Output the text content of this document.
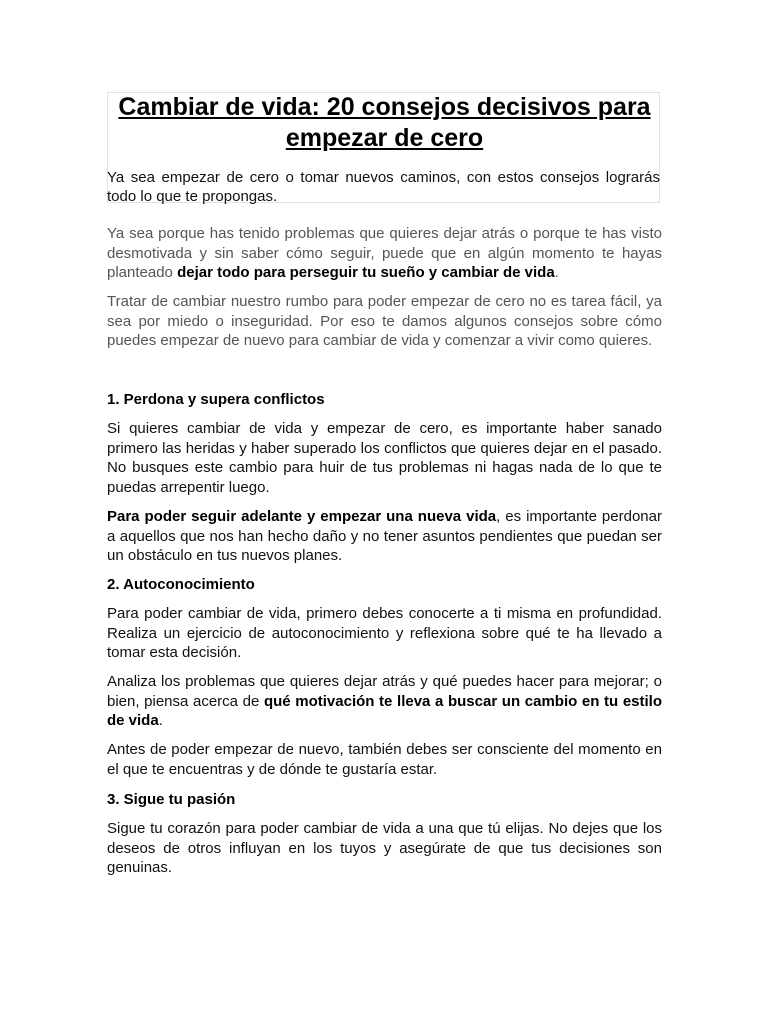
Cambiar de vida: 20 consejos decisivos para empezar de cero

Ya sea empezar de cero o tomar nuevos caminos, con estos consejos lograrás todo lo que te propongas.

Ya sea porque has tenido problemas que quieres dejar atrás o porque te has visto desmotivada y sin saber cómo seguir, puede que en algún momento te hayas planteado dejar todo para perseguir tu sueño y cambiar de vida.

Tratar de cambiar nuestro rumbo para poder empezar de cero no es tarea fácil, ya sea por miedo o inseguridad. Por eso te damos algunos consejos sobre cómo puedes empezar de nuevo para cambiar de vida y comenzar a vivir como quieres.

1. Perdona y supera conflictos

Si quieres cambiar de vida y empezar de cero, es importante haber sanado primero las heridas y haber superado los conflictos que quieres dejar en el pasado. No busques este cambio para huir de tus problemas ni hagas nada de lo que te puedas arrepentir luego.

Para poder seguir adelante y empezar una nueva vida, es importante perdonar a aquellos que nos han hecho daño y no tener asuntos pendientes que puedan ser un obstáculo en tus nuevos planes.

2. Autoconocimiento

Para poder cambiar de vida, primero debes conocerte a ti misma en profundidad. Realiza un ejercicio de autoconocimiento y reflexiona sobre qué te ha llevado a tomar esta decisión.

Analiza los problemas que quieres dejar atrás y qué puedes hacer para mejorar; o bien, piensa acerca de qué motivación te lleva a buscar un cambio en tu estilo de vida.

Antes de poder empezar de nuevo, también debes ser consciente del momento en el que te encuentras y de dónde te gustaría estar.

3. Sigue tu pasión

Sigue tu corazón para poder cambiar de vida a una que tú elijas. No dejes que los deseos de otros influyan en los tuyos y asegúrate de que tus decisiones son genuinas.
